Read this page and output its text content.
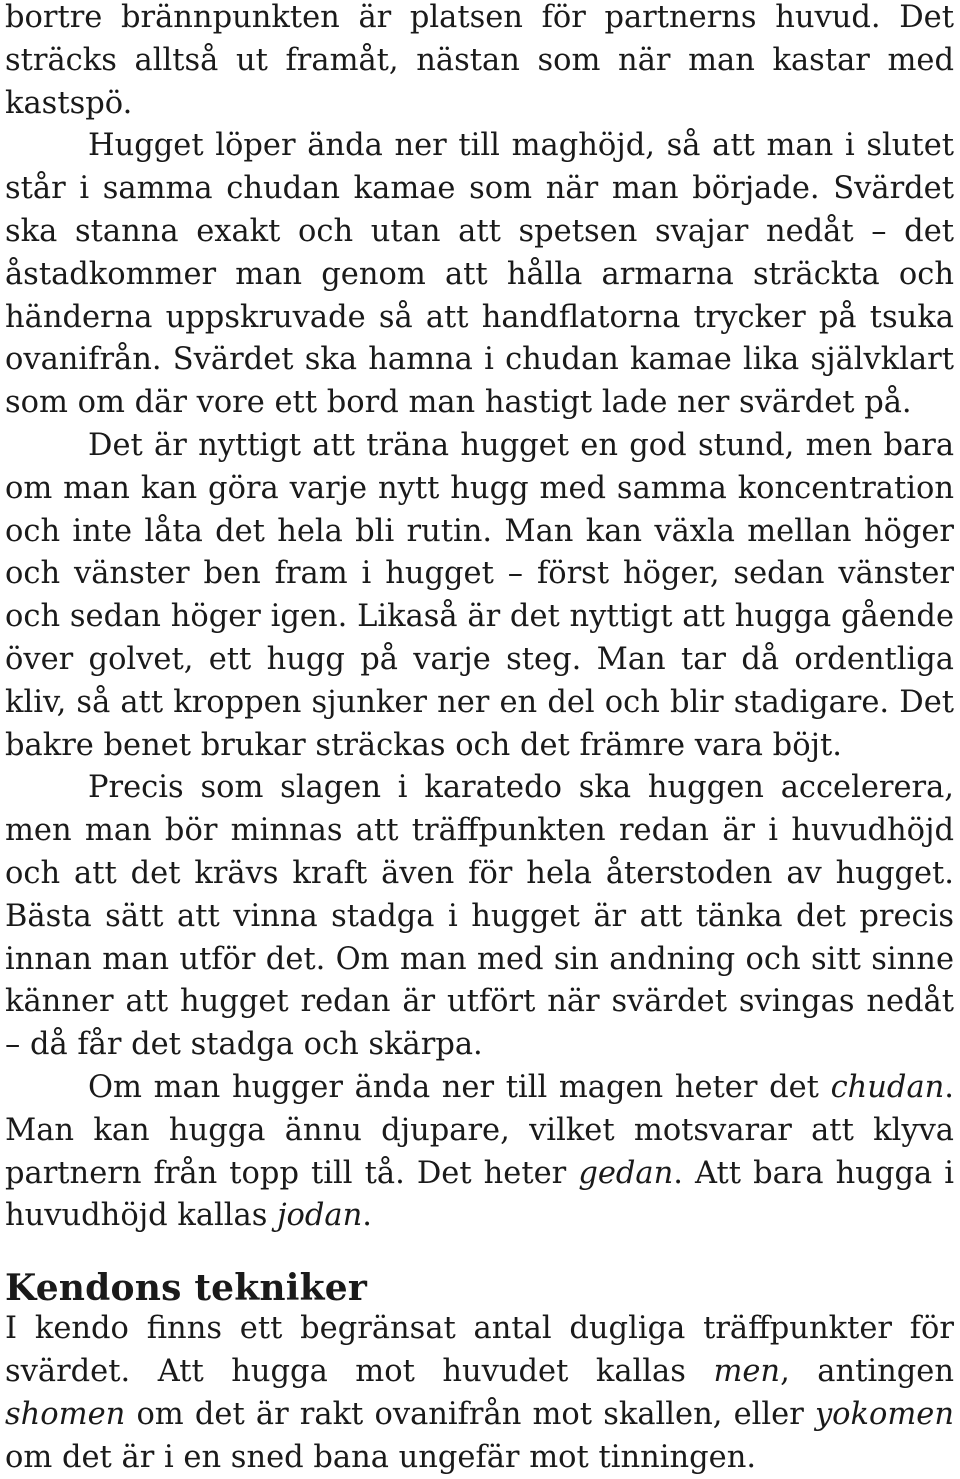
bortre brännpunkten är platsen för partnerns huvud. Det sträcks alltså ut framåt, nästan som när man kastar med kastspö.

Hugget löper ända ner till maghöjd, så att man i slutet står i samma chudan kamae som när man började. Svärdet ska stanna exakt och utan att spetsen svajar nedåt – det åstadkommer man genom att hålla armarna sträckta och händerna uppskruvade så att handflatorna trycker på tsuka ovanifrån. Svärdet ska hamna i chudan kamae lika självklart som om där vore ett bord man hastigt lade ner svärdet på.

Det är nyttigt att träna hugget en god stund, men bara om man kan göra varje nytt hugg med samma koncentration och inte låta det hela bli rutin. Man kan växla mellan höger och vänster ben fram i hugget – först höger, sedan vänster och sedan höger igen. Likaså är det nyttigt att hugga gående över golvet, ett hugg på varje steg. Man tar då ordentliga kliv, så att kroppen sjunker ner en del och blir stadigare. Det bakre benet brukar sträckas och det främre vara böjt.

Precis som slagen i karatedo ska huggen accelerera, men man bör minnas att träffpunkten redan är i huvudhöjd och att det krävs kraft även för hela återstoden av hugget. Bästa sätt att vinna stadga i hugget är att tänka det precis innan man utför det. Om man med sin andning och sitt sinne känner att hugget redan är utfört när svärdet svingas nedåt – då får det stadga och skärpa.

Om man hugger ända ner till magen heter det chudan. Man kan hugga ännu djupare, vilket motsvarar att klyva partnern från topp till tå. Det heter gedan. Att bara hugga i huvudhöjd kallas jodan.

Kendons tekniker

I kendo finns ett begränsat antal dugliga träffpunkter för svärdet. Att hugga mot huvudet kallas men, antingen shomen om det är rakt ovanifrån mot skallen, eller yokomen om det är i en sned bana ungefär mot tinningen.
